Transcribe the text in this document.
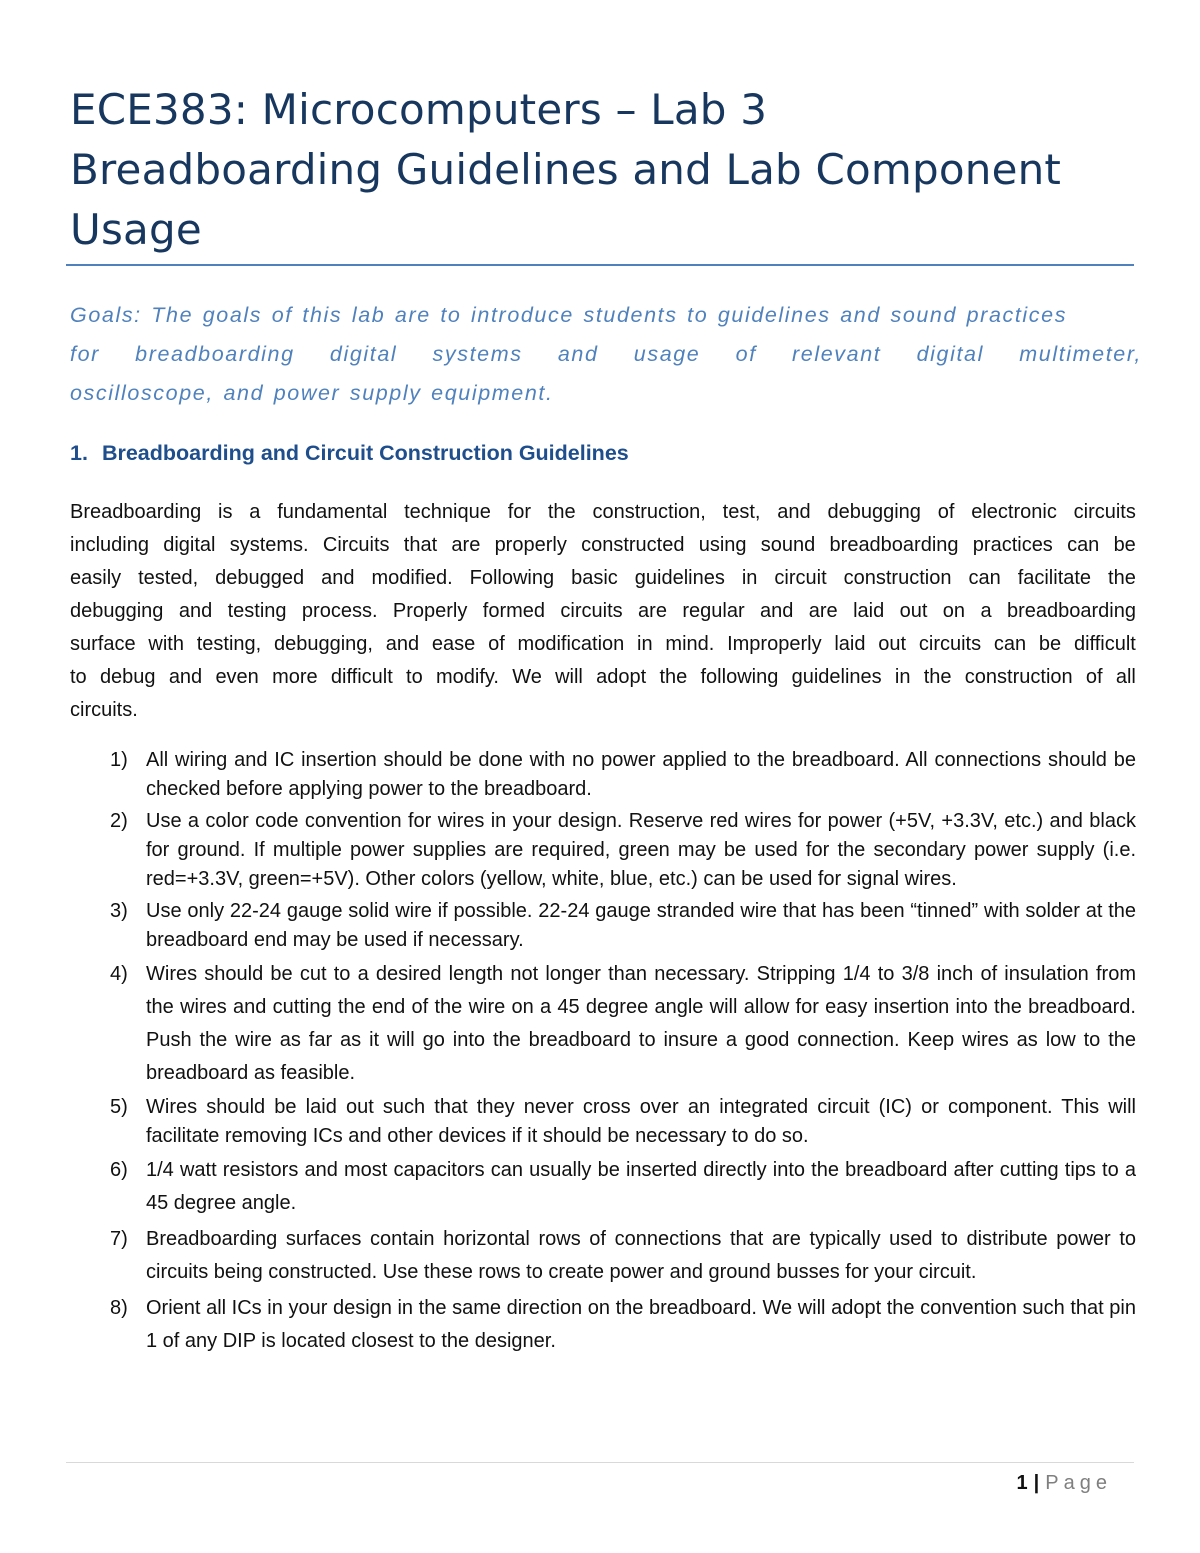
ECE383: Microcomputers – Lab 3
Breadboarding Guidelines and Lab Component
Usage
Goals: The goals of this lab are to introduce students to guidelines and sound practices
for breadboarding digital systems and usage of relevant digital multimeter,
oscilloscope, and power supply equipment.
1. Breadboarding and Circuit Construction Guidelines
Breadboarding is a fundamental technique for the construction, test, and debugging of electronic circuits
including digital systems. Circuits that are properly constructed using sound breadboarding practices can be
easily tested, debugged and modified. Following basic guidelines in circuit construction can facilitate the
debugging and testing process. Properly formed circuits are regular and are laid out on a breadboarding
surface with testing, debugging, and ease of modification in mind. Improperly laid out circuits can be difficult
to debug and even more difficult to modify. We will adopt the following guidelines in the construction of all
circuits.
1) All wiring and IC insertion should be done with no power applied to the breadboard. All connections should be checked before applying power to the breadboard.
2) Use a color code convention for wires in your design. Reserve red wires for power (+5V, +3.3V, etc.) and black for ground. If multiple power supplies are required, green may be used for the secondary power supply (i.e. red=+3.3V, green=+5V). Other colors (yellow, white, blue, etc.) can be used for signal wires.
3) Use only 22-24 gauge solid wire if possible. 22-24 gauge stranded wire that has been “tinned” with solder at the breadboard end may be used if necessary.
4) Wires should be cut to a desired length not longer than necessary. Stripping 1/4 to 3/8 inch of insulation from the wires and cutting the end of the wire on a 45 degree angle will allow for easy insertion into the breadboard. Push the wire as far as it will go into the breadboard to insure a good connection. Keep wires as low to the breadboard as feasible.
5) Wires should be laid out such that they never cross over an integrated circuit (IC) or component. This will facilitate removing ICs and other devices if it should be necessary to do so.
6) 1/4 watt resistors and most capacitors can usually be inserted directly into the breadboard after cutting tips to a 45 degree angle.
7) Breadboarding surfaces contain horizontal rows of connections that are typically used to distribute power to circuits being constructed. Use these rows to create power and ground busses for your circuit.
8) Orient all ICs in your design in the same direction on the breadboard. We will adopt the convention such that pin 1 of any DIP is located closest to the designer.
1 | Page
